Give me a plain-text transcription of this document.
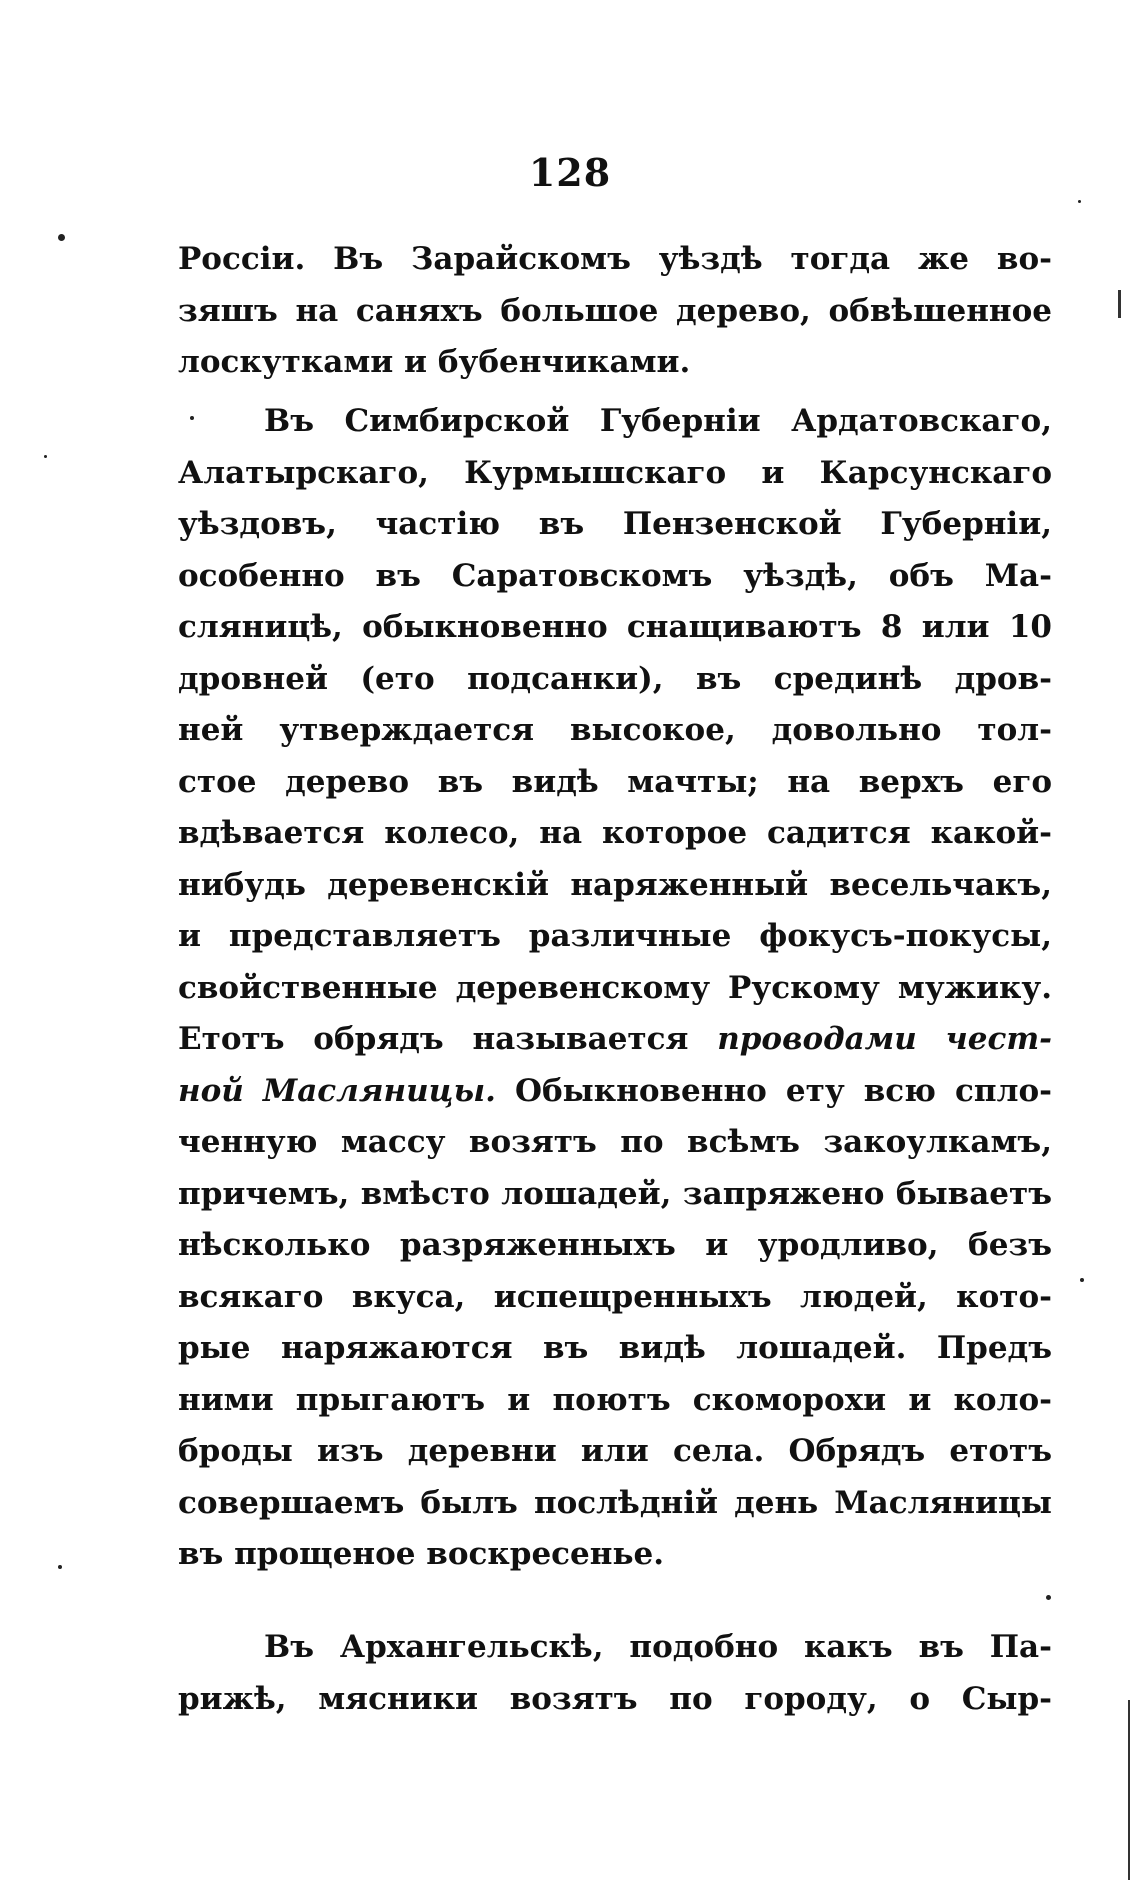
128
Россіи. Въ Зарайскомъ уѣздѣ тогда же во-
зяшъ на саняхъ большое дерево, обвѣшенное
лоскутками и бубенчиками.
Въ Симбирской Губерніи Ардатовскаго,
Алатырскаго, Курмышскаго и Карсунскаго
уѣздовъ, частію въ Пензенской Губерніи,
особенно въ Саратовскомъ уѣздѣ, объ Ма-
сляницѣ, обыкновенно снащиваютъ 8 или 10
дровней (ето подсанки), въ срединѣ дров-
ней утверждается высокое, довольно тол-
стое дерево въ видѣ мачты; на верхъ его
вдѣвается колесо, на которое садится какой-
нибудь деревенскій наряженный весельчакъ,
и представляетъ различные фокусъ-покусы,
свойственные деревенскому Рускому мужику.
Етотъ обрядъ называется проводами чест-
ной Масляницы. Обыкновенно ету всю спло-
ченную массу возятъ по всѣмъ закоулкамъ,
причемъ, вмѣсто лошадей, запряжено бываетъ
нѣсколько разряженныхъ и уродливо, безъ
всякаго вкуса, испещренныхъ людей, кото-
рые наряжаются въ видѣ лошадей. Предъ
ними прыгаютъ и поютъ скоморохи и коло-
броды изъ деревни или села. Обрядъ етотъ
совершаемъ былъ послѣдній день Масляницы
въ прощеное воскресенье.
Въ Архангельскѣ, подобно какъ въ Па-
рижѣ, мясники возятъ по городу, о Сыр-
